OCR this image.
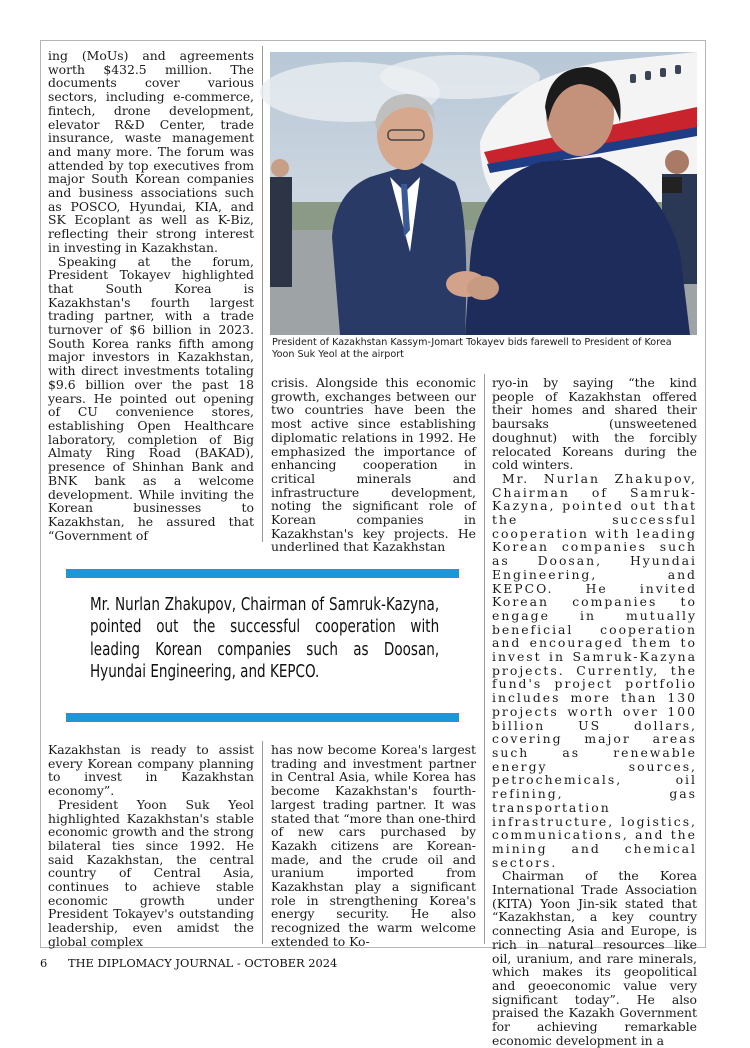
ing (MoUs) and agreements worth $432.5 million. The documents cover various sectors, including e-commerce, fintech, drone development, elevator R&D Center, trade insurance, waste management and many more. The forum was attended by top executives from major South Korean companies and business associations such as POSCO, Hyundai, KIA, and SK Ecoplant as well as K-Biz, reflecting their strong interest in investing in Kazakhstan.

Speaking at the forum, President Tokayev highlighted that South Korea is Kazakhstan's fourth largest trading partner, with a trade turnover of $6 billion in 2023. South Korea ranks fifth among major investors in Kazakhstan, with direct investments totaling $9.6 billion over the past 18 years. He pointed out opening of CU convenience stores, establishing Open Healthcare laboratory, completion of Big Almaty Ring Road (BAKAD), presence of Shinhan Bank and BNK bank as a welcome development. While inviting the Korean businesses to Kazakhstan, he assured that “Government of

President of Kazakhstan Kassym-Jomart Tokayev bids farewell to President of Korea Yoon Suk Yeol at the airport

crisis. Alongside this economic growth, exchanges between our two countries have been the most active since establishing diplomatic relations in 1992. He emphasized the importance of enhancing cooperation in critical minerals and infrastructure development, noting the significant role of Korean companies in Kazakhstan's key projects. He underlined that Kazakhstan

ryo-in by saying “the kind people of Kazakhstan offered their homes and shared their baursaks (unsweetened doughnut) with the forcibly relocated Koreans during the cold winters.

Mr. Nurlan Zhakupov, Chairman of Samruk-Kazyna, pointed out that the successful cooperation with leading Korean companies such as Doosan, Hyundai Engineering, and KEPCO. He invited Korean companies to engage in mutually beneficial cooperation and encouraged them to invest in Samruk-Kazyna projects. Currently, the fund's project portfolio includes more than 130 projects worth over 100 billion US dollars, covering major areas such as renewable energy sources, petrochemicals, oil refining, gas transportation infrastructure, logistics, communications, and the mining and chemical sectors.

Chairman of the Korea International Trade Association (KITA) Yoon Jin-sik stated that “Kazakhstan, a key country connecting Asia and Europe, is rich in natural resources like oil, uranium, and rare minerals, which makes its geopolitical and geoeconomic value very significant today”. He also praised the Kazakh Government for achieving remarkable economic development in a

Mr. Nurlan Zhakupov, Chairman of Samruk-Kazyna, pointed out the successful cooperation with leading Korean companies such as Doosan, Hyundai Engineering, and KEPCO.

Kazakhstan is ready to assist every Korean company planning to invest in Kazakhstan economy”.

President Yoon Suk Yeol highlighted Kazakhstan's stable economic growth and the strong bilateral ties since 1992. He said Kazakhstan, the central country of Central Asia, continues to achieve stable economic growth under President Tokayev's outstanding leadership, even amidst the global complex

has now become Korea's largest trading and investment partner in Central Asia, while Korea has become Kazakhstan's fourth-largest trading partner. It was stated that “more than one-third of new cars purchased by Kazakh citizens are Korean-made, and the crude oil and uranium imported from Kazakhstan play a significant role in strengthening Korea's energy security. He also recognized the warm welcome extended to Ko-

6 THE DIPLOMACY JOURNAL - OCTOBER 2024
